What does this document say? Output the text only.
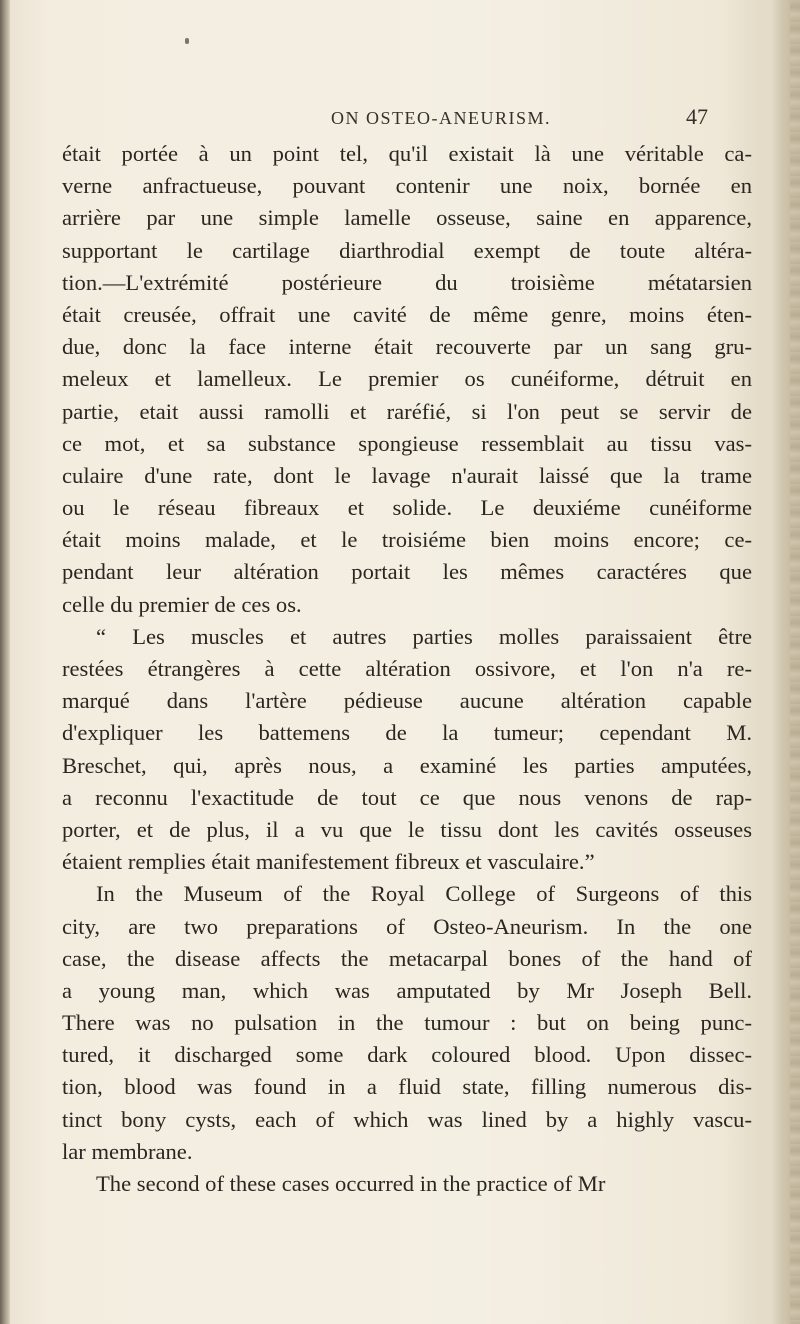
ON OSTEO-ANEURISM.	47
était portée à un point tel, qu'il existait là une véritable ca-
verne anfractueuse, pouvant contenir une noix, bornée en
arrière par une simple lamelle osseuse, saine en apparence,
supportant le cartilage diarthrodial exempt de toute altéra-
tion.—L'extrémité postérieure du troisième métatarsien
était creusée, offrait une cavité de même genre, moins éten-
due, donc la face interne était recouverte par un sang gru-
meleux et lamelleux. Le premier os cunéiforme, détruit en
partie, etait aussi ramolli et raréfié, si l'on peut se servir de
ce mot, et sa substance spongieuse ressemblait au tissu vas-
culaire d'une rate, dont le lavage n'aurait laissé que la trame
ou le réseau fibreaux et solide. Le deuxiéme cunéiforme
était moins malade, et le troisiéme bien moins encore; ce-
pendant leur altération portait les mêmes caractéres que
celle du premier de ces os.
“ Les muscles et autres parties molles paraissaient être
restées étrangères à cette altération ossivore, et l'on n'a re-
marqué dans l'artère pédieuse aucune altération capable
d'expliquer les battemens de la tumeur; cependant M.
Breschet, qui, après nous, a examiné les parties amputées,
a reconnu l'exactitude de tout ce que nous venons de rap-
porter, et de plus, il a vu que le tissu dont les cavités osseuses
étaient remplies était manifestement fibreux et vasculaire.”
In the Museum of the Royal College of Surgeons of this
city, are two preparations of Osteo-Aneurism. In the one
case, the disease affects the metacarpal bones of the hand of
a young man, which was amputated by Mr Joseph Bell.
There was no pulsation in the tumour : but on being punc-
tured, it discharged some dark coloured blood. Upon dissec-
tion, blood was found in a fluid state, filling numerous dis-
tinct bony cysts, each of which was lined by a highly vascu-
lar membrane.
The second of these cases occurred in the practice of Mr
